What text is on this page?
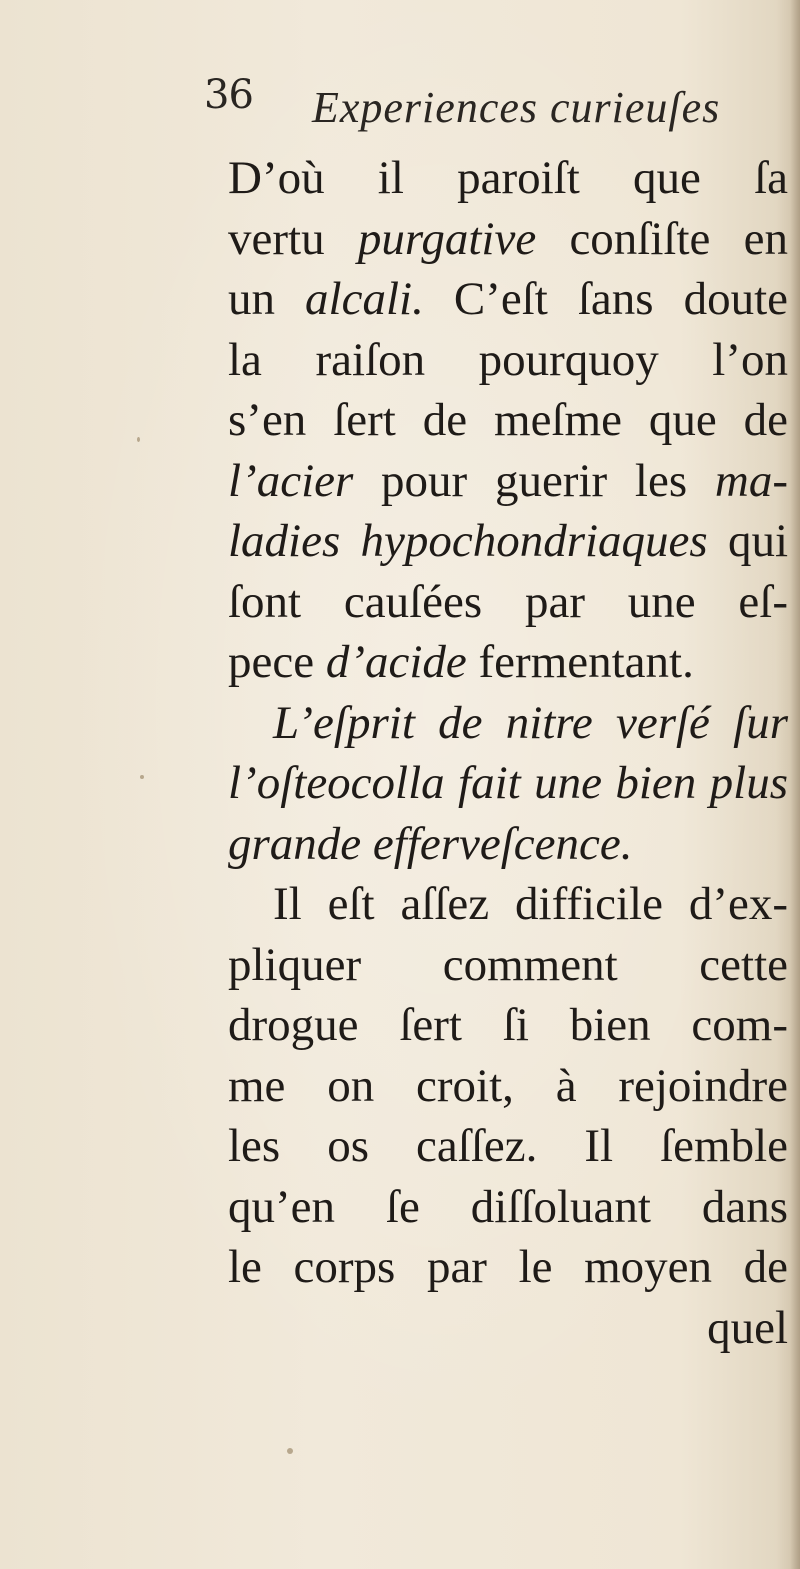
36 Experiences curieuſes
D’où il paroiſt que ſa
vertu purgative conſiſte en
un alcali. C’eſt ſans doute
la raiſon pourquoy l’on
s’en ſert de meſme que de
l’acier pour guerir les ma-
ladies hypochondriaques qui
ſont cauſées par une eſ-
pece d’acide fermentant.
L’eſprit de nitre verſé ſur
l’oſteocolla fait une bien plus
grande efferveſcence.
Il eſt aſſez difficile d’ex-
pliquer comment cette
drogue ſert ſi bien com-
me on croit, à rejoindre
les os caſſez. Il ſemble
qu’en ſe diſſoluant dans
le corps par le moyen de
quel
